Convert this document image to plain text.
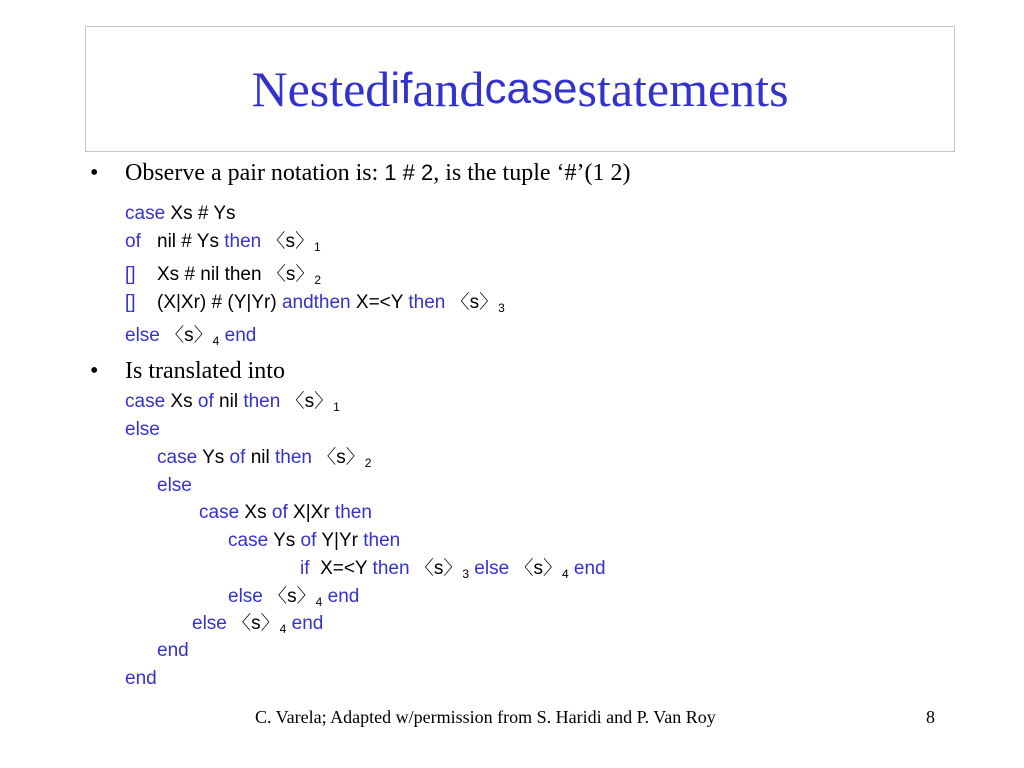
Nested if and case statements
• Observe a pair notation is: 1 # 2, is the tuple ‘#’(1 2)
case Xs # Ys
of nil # Ys then 〈s〉$_1$
[] Xs # nil then 〈s〉$_2$
[] (X|Xr) # (Y|Yr) andthen X=<Y then 〈s〉$_3$
else 〈s〉$_4$ end
• Is translated into
case Xs of nil then 〈s〉$_1$
else
case Ys of nil then 〈s〉$_2$
else
case Xs of X|Xr then
case Ys of Y|Yr then
if X=<Y then 〈s〉$_3$ else 〈s〉$_4$ end
else 〈s〉$_4$ end
else 〈s〉$_4$ end
end
end
C. Varela; Adapted w/permission from S. Haridi and P. Van Roy	8
